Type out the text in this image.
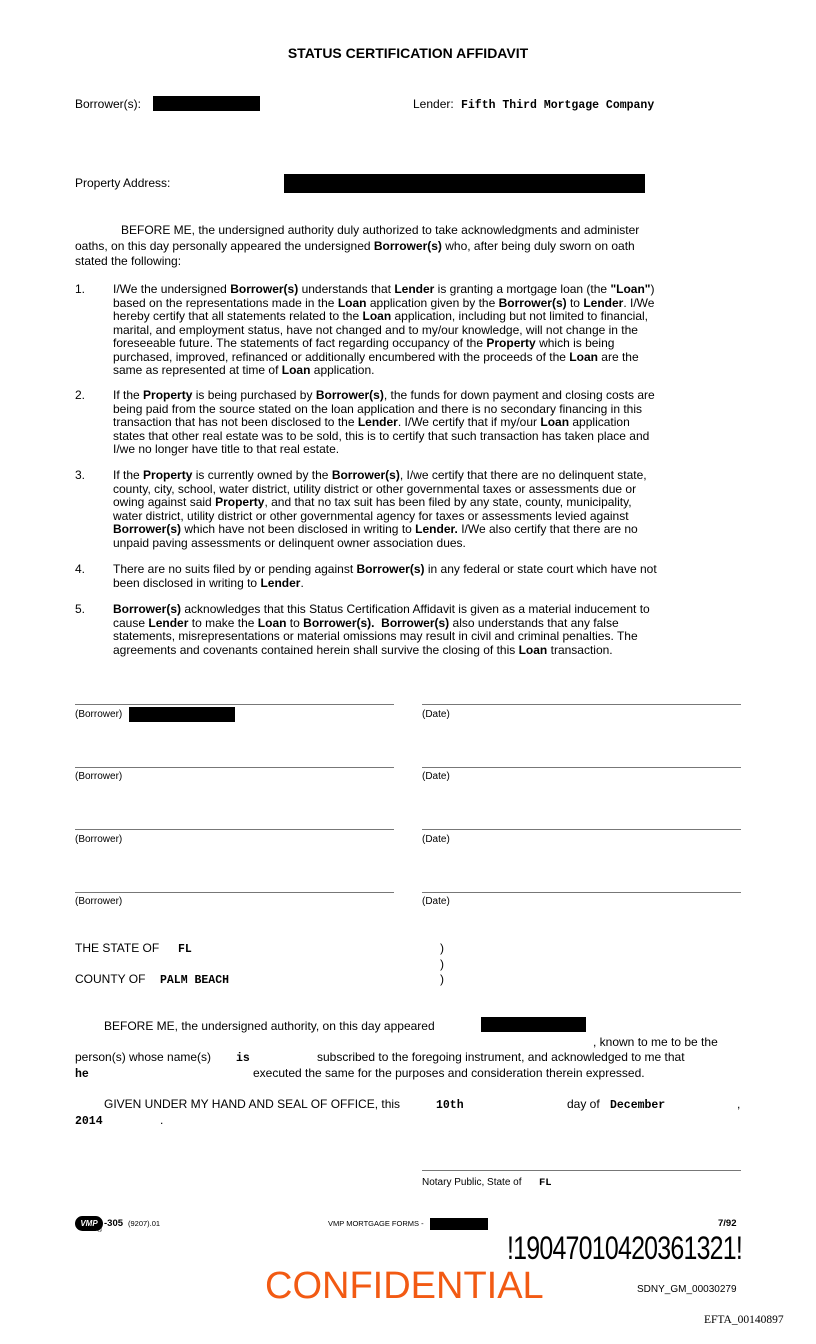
STATUS CERTIFICATION AFFIDAVIT
Borrower(s):	Lender: Fifth Third Mortgage Company
Property Address:
BEFORE ME, the undersigned authority duly authorized to take acknowledgments and administer
oaths, on this day personally appeared the undersigned Borrower(s) who, after being duly sworn on oath
stated the following:
1. I/We the undersigned Borrower(s) understands that Lender is granting a mortgage loan (the "Loan")
based on the representations made in the Loan application given by the Borrower(s) to Lender. I/We
hereby certify that all statements related to the Loan application, including but not limited to financial,
marital, and employment status, have not changed and to my/our knowledge, will not change in the
foreseeable future. The statements of fact regarding occupancy of the Property which is being
purchased, improved, refinanced or additionally encumbered with the proceeds of the Loan are the
same as represented at time of Loan application.
2. If the Property is being purchased by Borrower(s), the funds for down payment and closing costs are
being paid from the source stated on the loan application and there is no secondary financing in this
transaction that has not been disclosed to the Lender. I/We certify that if my/our Loan application
states that other real estate was to be sold, this is to certify that such transaction has taken place and
I/we no longer have title to that real estate.
3. If the Property is currently owned by the Borrower(s), I/we certify that there are no delinquent state,
county, city, school, water district, utility district or other governmental taxes or assessments due or
owing against said Property, and that no tax suit has been filed by any state, county, municipality,
water district, utility district or other governmental agency for taxes or assessments levied against
Borrower(s) which have not been disclosed in writing to Lender. I/We also certify that there are no
unpaid paving assessments or delinquent owner association dues.
4. There are no suits filed by or pending against Borrower(s) in any federal or state court which have not
been disclosed in writing to Lender.
5. Borrower(s) acknowledges that this Status Certification Affidavit is given as a material inducement to
cause Lender to make the Loan to Borrower(s). Borrower(s) also understands that any false
statements, misrepresentations or material omissions may result in civil and criminal penalties. The
agreements and covenants contained herein shall survive the closing of this Loan transaction.
(Borrower)	(Date)
(Borrower)	(Date)
(Borrower)	(Date)
(Borrower)	(Date)
THE STATE OF FL	)
)
COUNTY OF PALM BEACH	)
BEFORE ME, the undersigned authority, on this day appeared
, known to me to be the
person(s) whose name(s) is	subscribed to the foregoing instrument, and acknowledged to me that
he	executed the same for the purposes and consideration therein expressed.
GIVEN UNDER MY HAND AND SEAL OF OFFICE, this	10th	day of December	,
2014	.
Notary Public, State of FL
VMP
®
-305 (9207).01	VMP MORTGAGE FORMS -	7/92
!19047010420361321!
CONFIDENTIAL	SDNY_GM_00030279
EFTA_00140897
